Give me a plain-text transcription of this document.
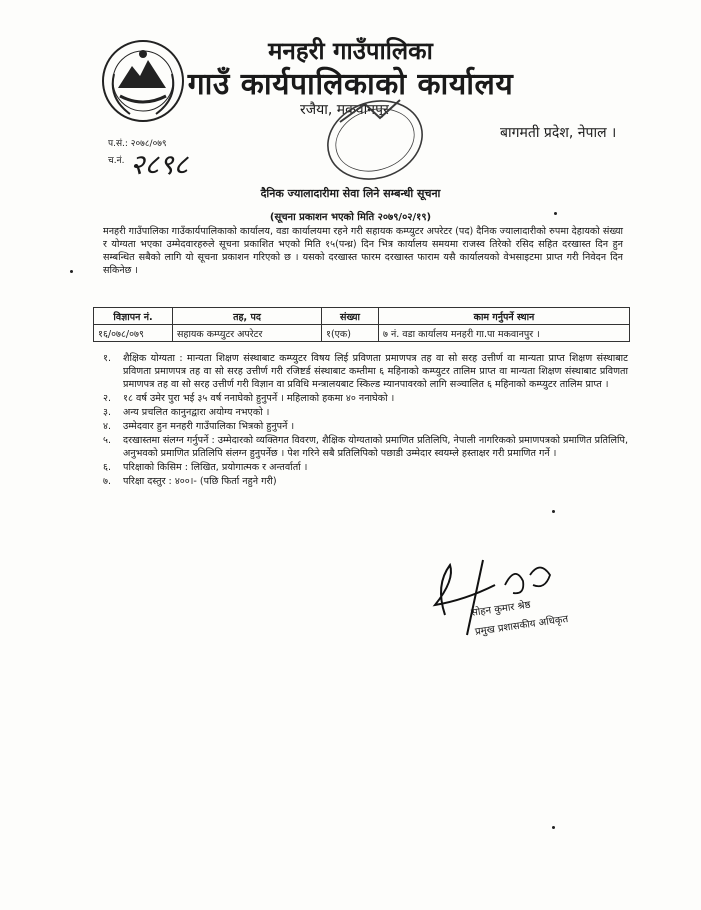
मनहरी गाउँपालिका
गाउँ कार्यपालिकाको कार्यालय
रजैया, मकवानपुर
बागमती प्रदेश, नेपाल ।
प.सं.: २०७८/०७९
च.नं. २८९८
दैनिक ज्यालादारीमा सेवा लिने सम्बन्धी सूचना
(सूचना प्रकाशन भएको मिति २०७९/०२/१९)
मनहरी गाउँपालिका गाउँकार्यपालिकाको कार्यालय, वडा कार्यालयमा रहने गरी सहायक कम्प्युटर अपरेटर (पद) दैनिक ज्यालादारीको रुपमा देहायको संख्या र योग्यता भएका उम्मेदवारहरुले सूचना प्रकाशित भएको मिति १५(पन्ध्र) दिन भित्र कार्यालय समयमा राजस्व तिरेको रसिद सहित दरखास्त दिन हुन सम्बन्धित सबैको लागि यो सूचना प्रकाशन गरिएको छ । यसको दरखास्त फारम दरखास्त फाराम यसै कार्यालयको वेभसाइटमा प्राप्त गरी निवेदन दिन सकिनेछ ।
विज्ञापन नं.	तह, पद	संख्या	काम गर्नुपर्ने स्थान
१६/०७८/०७९	सहायक कम्प्युटर अपरेटर	१(एक)	७ नं. वडा कार्यालय मनहरी गा.पा मकवानपुर ।
१.	शैक्षिक योग्यता : मान्यता शिक्षण संस्थाबाट कम्प्युटर विषय लिई प्रविणता प्रमाणपत्र तह वा सो सरह उत्तीर्ण वा मान्यता प्राप्त शिक्षण संस्थाबाट प्रविणता प्रमाणपत्र तह वा सो सरह उत्तीर्ण गरी रजिष्टर्ड संस्थाबाट कम्तीमा ६ महिनाको कम्प्युटर तालिम प्राप्त वा मान्यता शिक्षण संस्थाबाट प्रविणता प्रमाणपत्र तह वा सो सरह उत्तीर्ण गरी विज्ञान वा प्रविधि मन्त्रालयबाट स्किल्ड म्यानपावरको लागि सञ्चालित ६ महिनाको कम्प्युटर तालिम प्राप्त ।
२.	१८ वर्ष उमेर पुरा भई ३५ वर्ष ननाघेको हुनुपर्ने । महिलाको हकमा ४० ननाघेको ।
३.	अन्य प्रचलित कानुनद्वारा अयोग्य नभएको ।
४.	उम्मेदवार हुन मनहरी गाउँपालिका भित्रको हुनुपर्ने ।
५.	दरखास्तमा संलग्न गर्नुपर्ने : उम्मेदारको व्यक्तिगत विवरण, शैक्षिक योग्यताको प्रमाणित प्रतिलिपि, नेपाली नागरिकको प्रमाणपत्रको प्रमाणित प्रतिलिपि, अनुभवको प्रमाणित प्रतिलिपि संलग्न हुनुपर्नेछ । पेश गरिने सबै प्रतिलिपिको पछाडी उम्मेदार स्वयम्ले हस्ताक्षर गरी प्रमाणित गर्ने ।
६.	परिक्षाको किसिम : लिखित, प्रयोगात्मक र अन्तर्वार्ता ।
७.	परिक्षा दस्तुर : ४००।- (पछि फिर्ता नहुने गरी)
सोहन कुमार श्रेष्ठ
प्रमुख प्रशासकीय अधिकृत
